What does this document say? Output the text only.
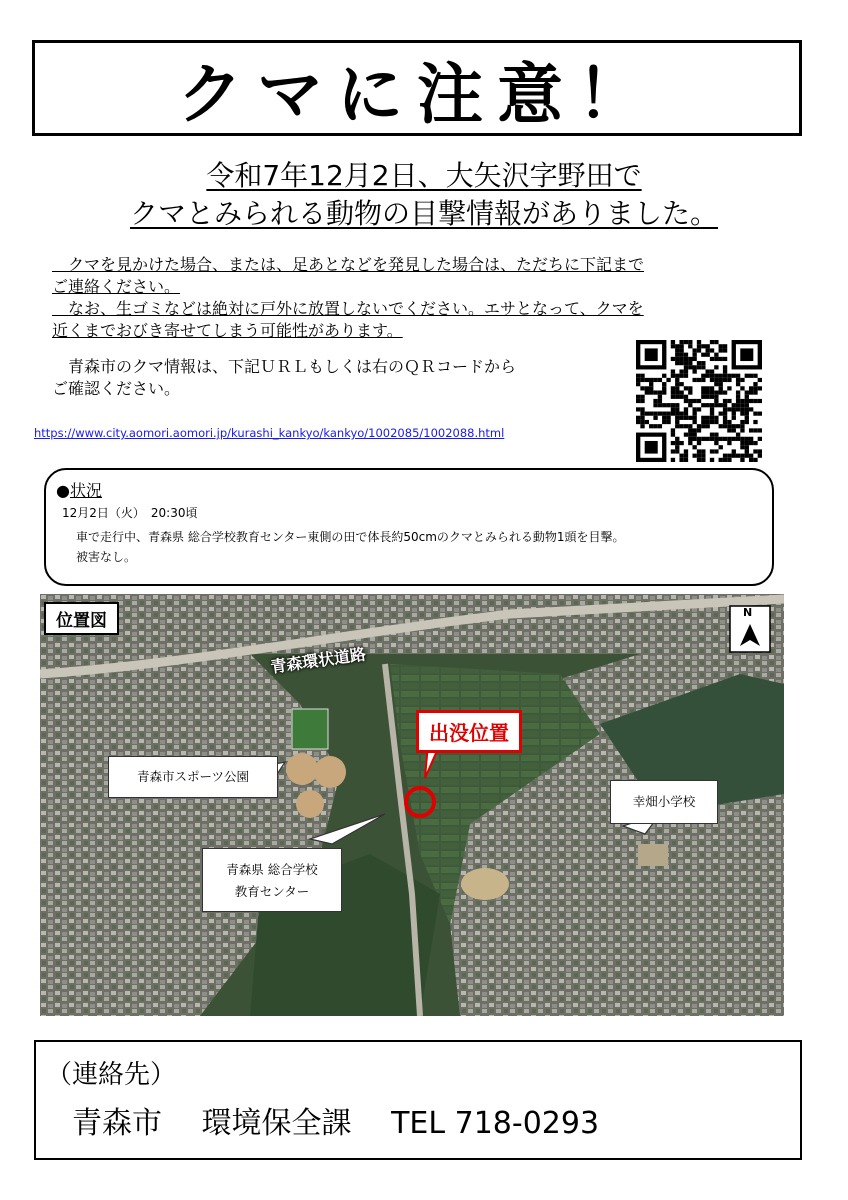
クマに注意！
令和7年12月2日、大矢沢字野田で
クマとみられる動物の目撃情報がありました。
　クマを見かけた場合、または、足あとなどを発見した場合は、ただちに下記まで
ご連絡ください。
　なお、生ゴミなどは絶対に戸外に放置しないでください。エサとなって、クマを
近くまでおびき寄せてしまう可能性があります。
　青森市のクマ情報は、下記ＵＲＬもしくは右のＱＲコードから
ご確認ください。
https://www.city.aomori.aomori.jp/kurashi_kankyo/kankyo/1002085/1002088.html
●状況
12月2日（火）　20:30頃
車で走行中、青森県 総合学校教育センター東側の田で体長約50cmのクマとみられる動物1頭を目撃。
被害なし。
位置図	N
青森環状道路
出没位置
青森市スポーツ公園
青森県 総合学校
教育センター
幸畑小学校
（連絡先）
青森市　 環境保全課　 TEL 718-0293
